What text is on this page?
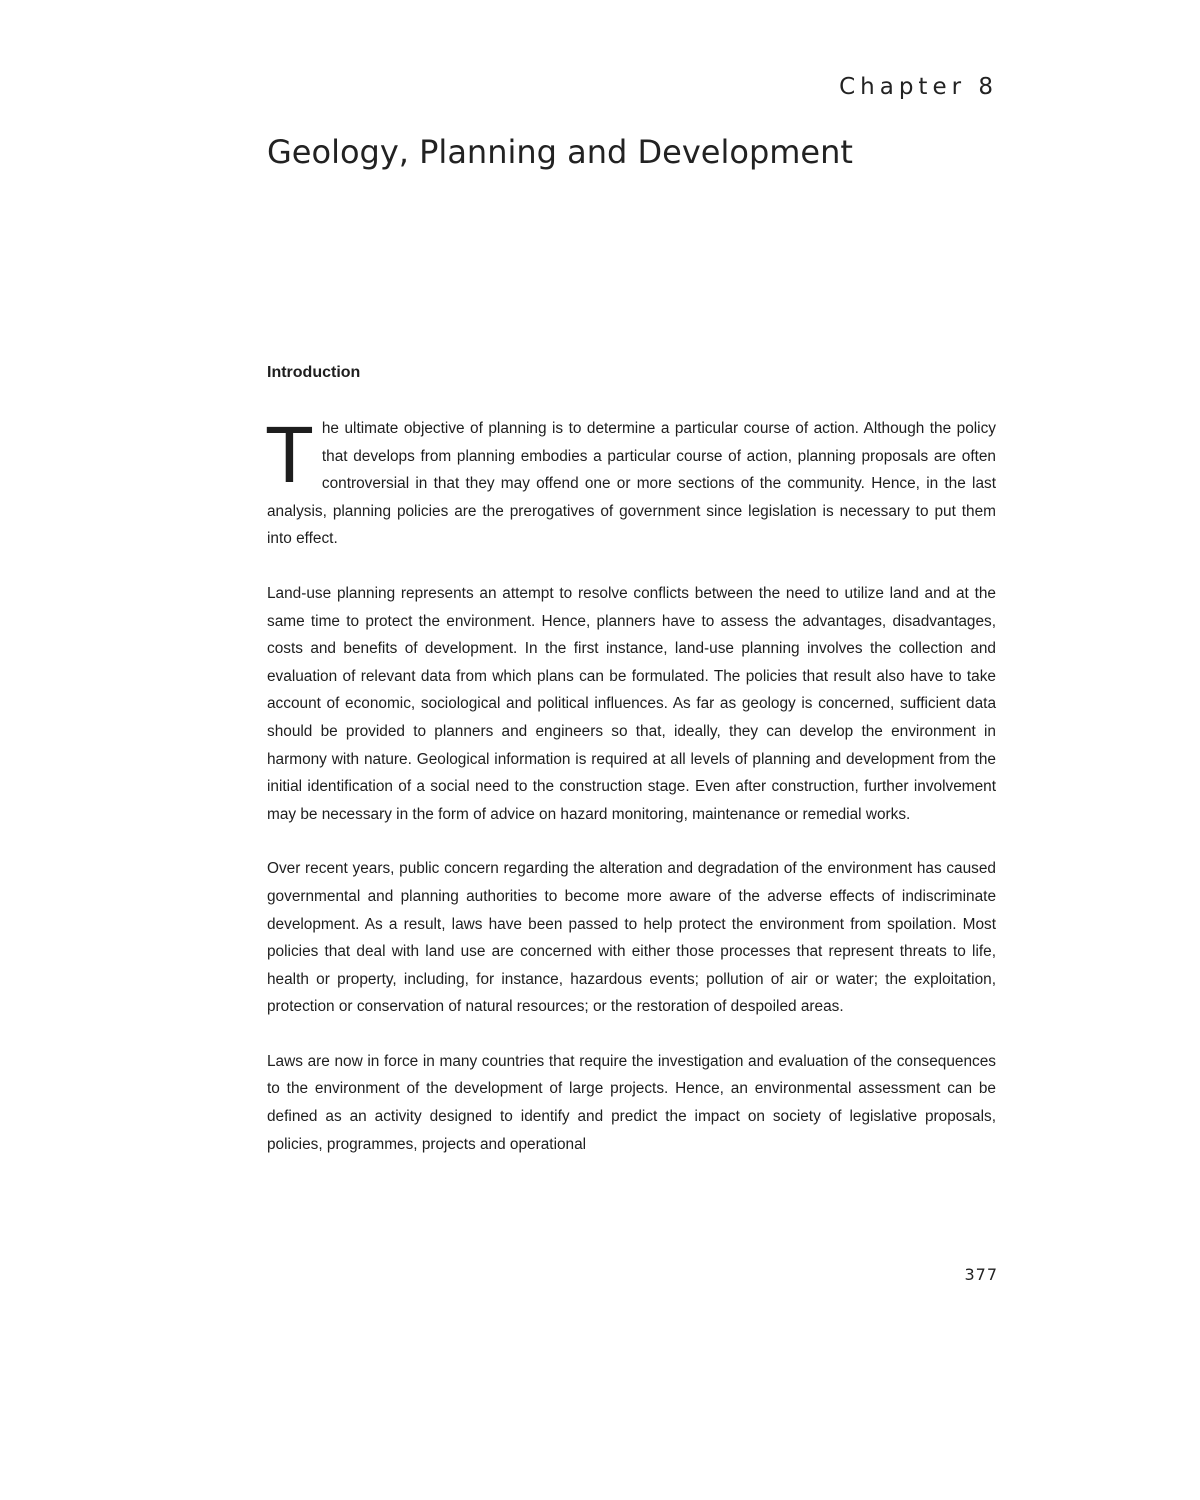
Chapter 8
Geology, Planning and Development
Introduction

The ultimate objective of planning is to determine a particular course of action. Although the policy that develops from planning embodies a particular course of action, planning proposals are often controversial in that they may offend one or more sections of the community. Hence, in the last analysis, planning policies are the prerogatives of government since legislation is necessary to put them into effect.

Land-use planning represents an attempt to resolve conflicts between the need to utilize land and at the same time to protect the environment. Hence, planners have to assess the advantages, disadvantages, costs and benefits of development. In the first instance, land-use planning involves the collection and evaluation of relevant data from which plans can be formulated. The policies that result also have to take account of economic, sociological and political influences. As far as geology is concerned, sufficient data should be provided to planners and engineers so that, ideally, they can develop the environment in harmony with nature. Geological information is required at all levels of planning and development from the initial identification of a social need to the construction stage. Even after construction, further involvement may be necessary in the form of advice on hazard monitoring, maintenance or remedial works.

Over recent years, public concern regarding the alteration and degradation of the environment has caused governmental and planning authorities to become more aware of the adverse effects of indiscriminate development. As a result, laws have been passed to help protect the environment from spoilation. Most policies that deal with land use are concerned with either those processes that represent threats to life, health or property, including, for instance, hazardous events; pollution of air or water; the exploitation, protection or conservation of natural resources; or the restoration of despoiled areas.

Laws are now in force in many countries that require the investigation and evaluation of the consequences to the environment of the development of large projects. Hence, an environmental assessment can be defined as an activity designed to identify and predict the impact on society of legislative proposals, policies, programmes, projects and operational

377
